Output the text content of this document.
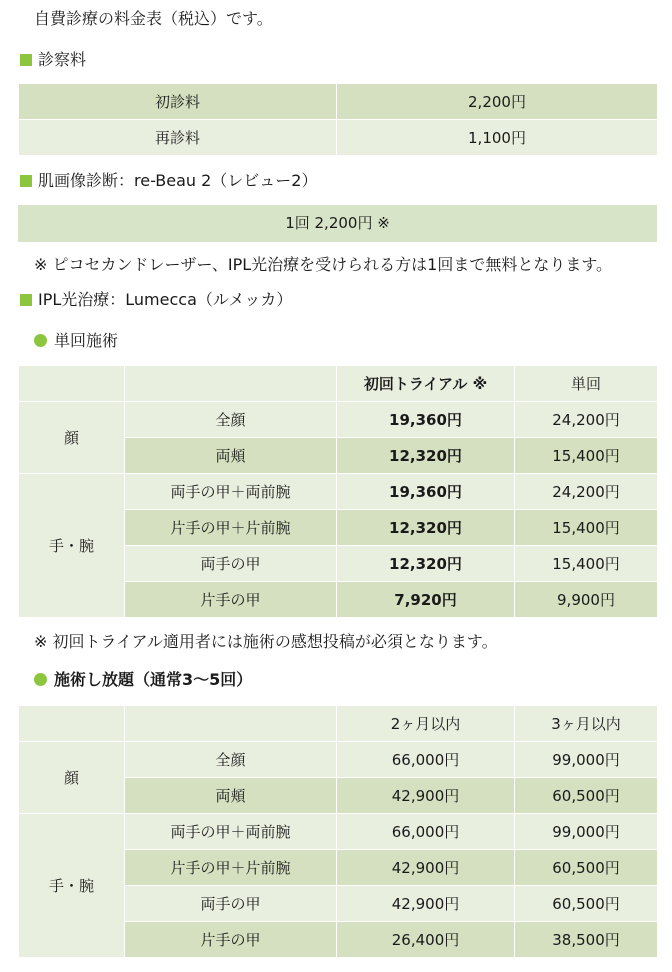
自費診療の料金表（税込）です。
診察料
初診料	2,200円
再診料	1,100円
肌画像診断：re-Beau 2（レビュー2）
1回 2,200円 ※
※ ピコセカンドレーザー、IPL光治療を受けられる方は1回まで無料となります。
IPL光治療：Lumecca（ルメッカ）
単回施術
		初回トライアル ※	単回
顔	全顔	19,360円	24,200円
	両頬	12,320円	15,400円
手・腕	両手の甲＋両前腕	19,360円	24,200円
	片手の甲＋片前腕	12,320円	15,400円
	両手の甲	12,320円	15,400円
	片手の甲	7,920円	9,900円
※ 初回トライアル適用者には施術の感想投稿が必須となります。
施術し放題（通常3～5回）
		2ヶ月以内	3ヶ月以内
顔	全顔	66,000円	99,000円
	両頬	42,900円	60,500円
手・腕	両手の甲＋両前腕	66,000円	99,000円
	片手の甲＋片前腕	42,900円	60,500円
	両手の甲	42,900円	60,500円
	片手の甲	26,400円	38,500円
